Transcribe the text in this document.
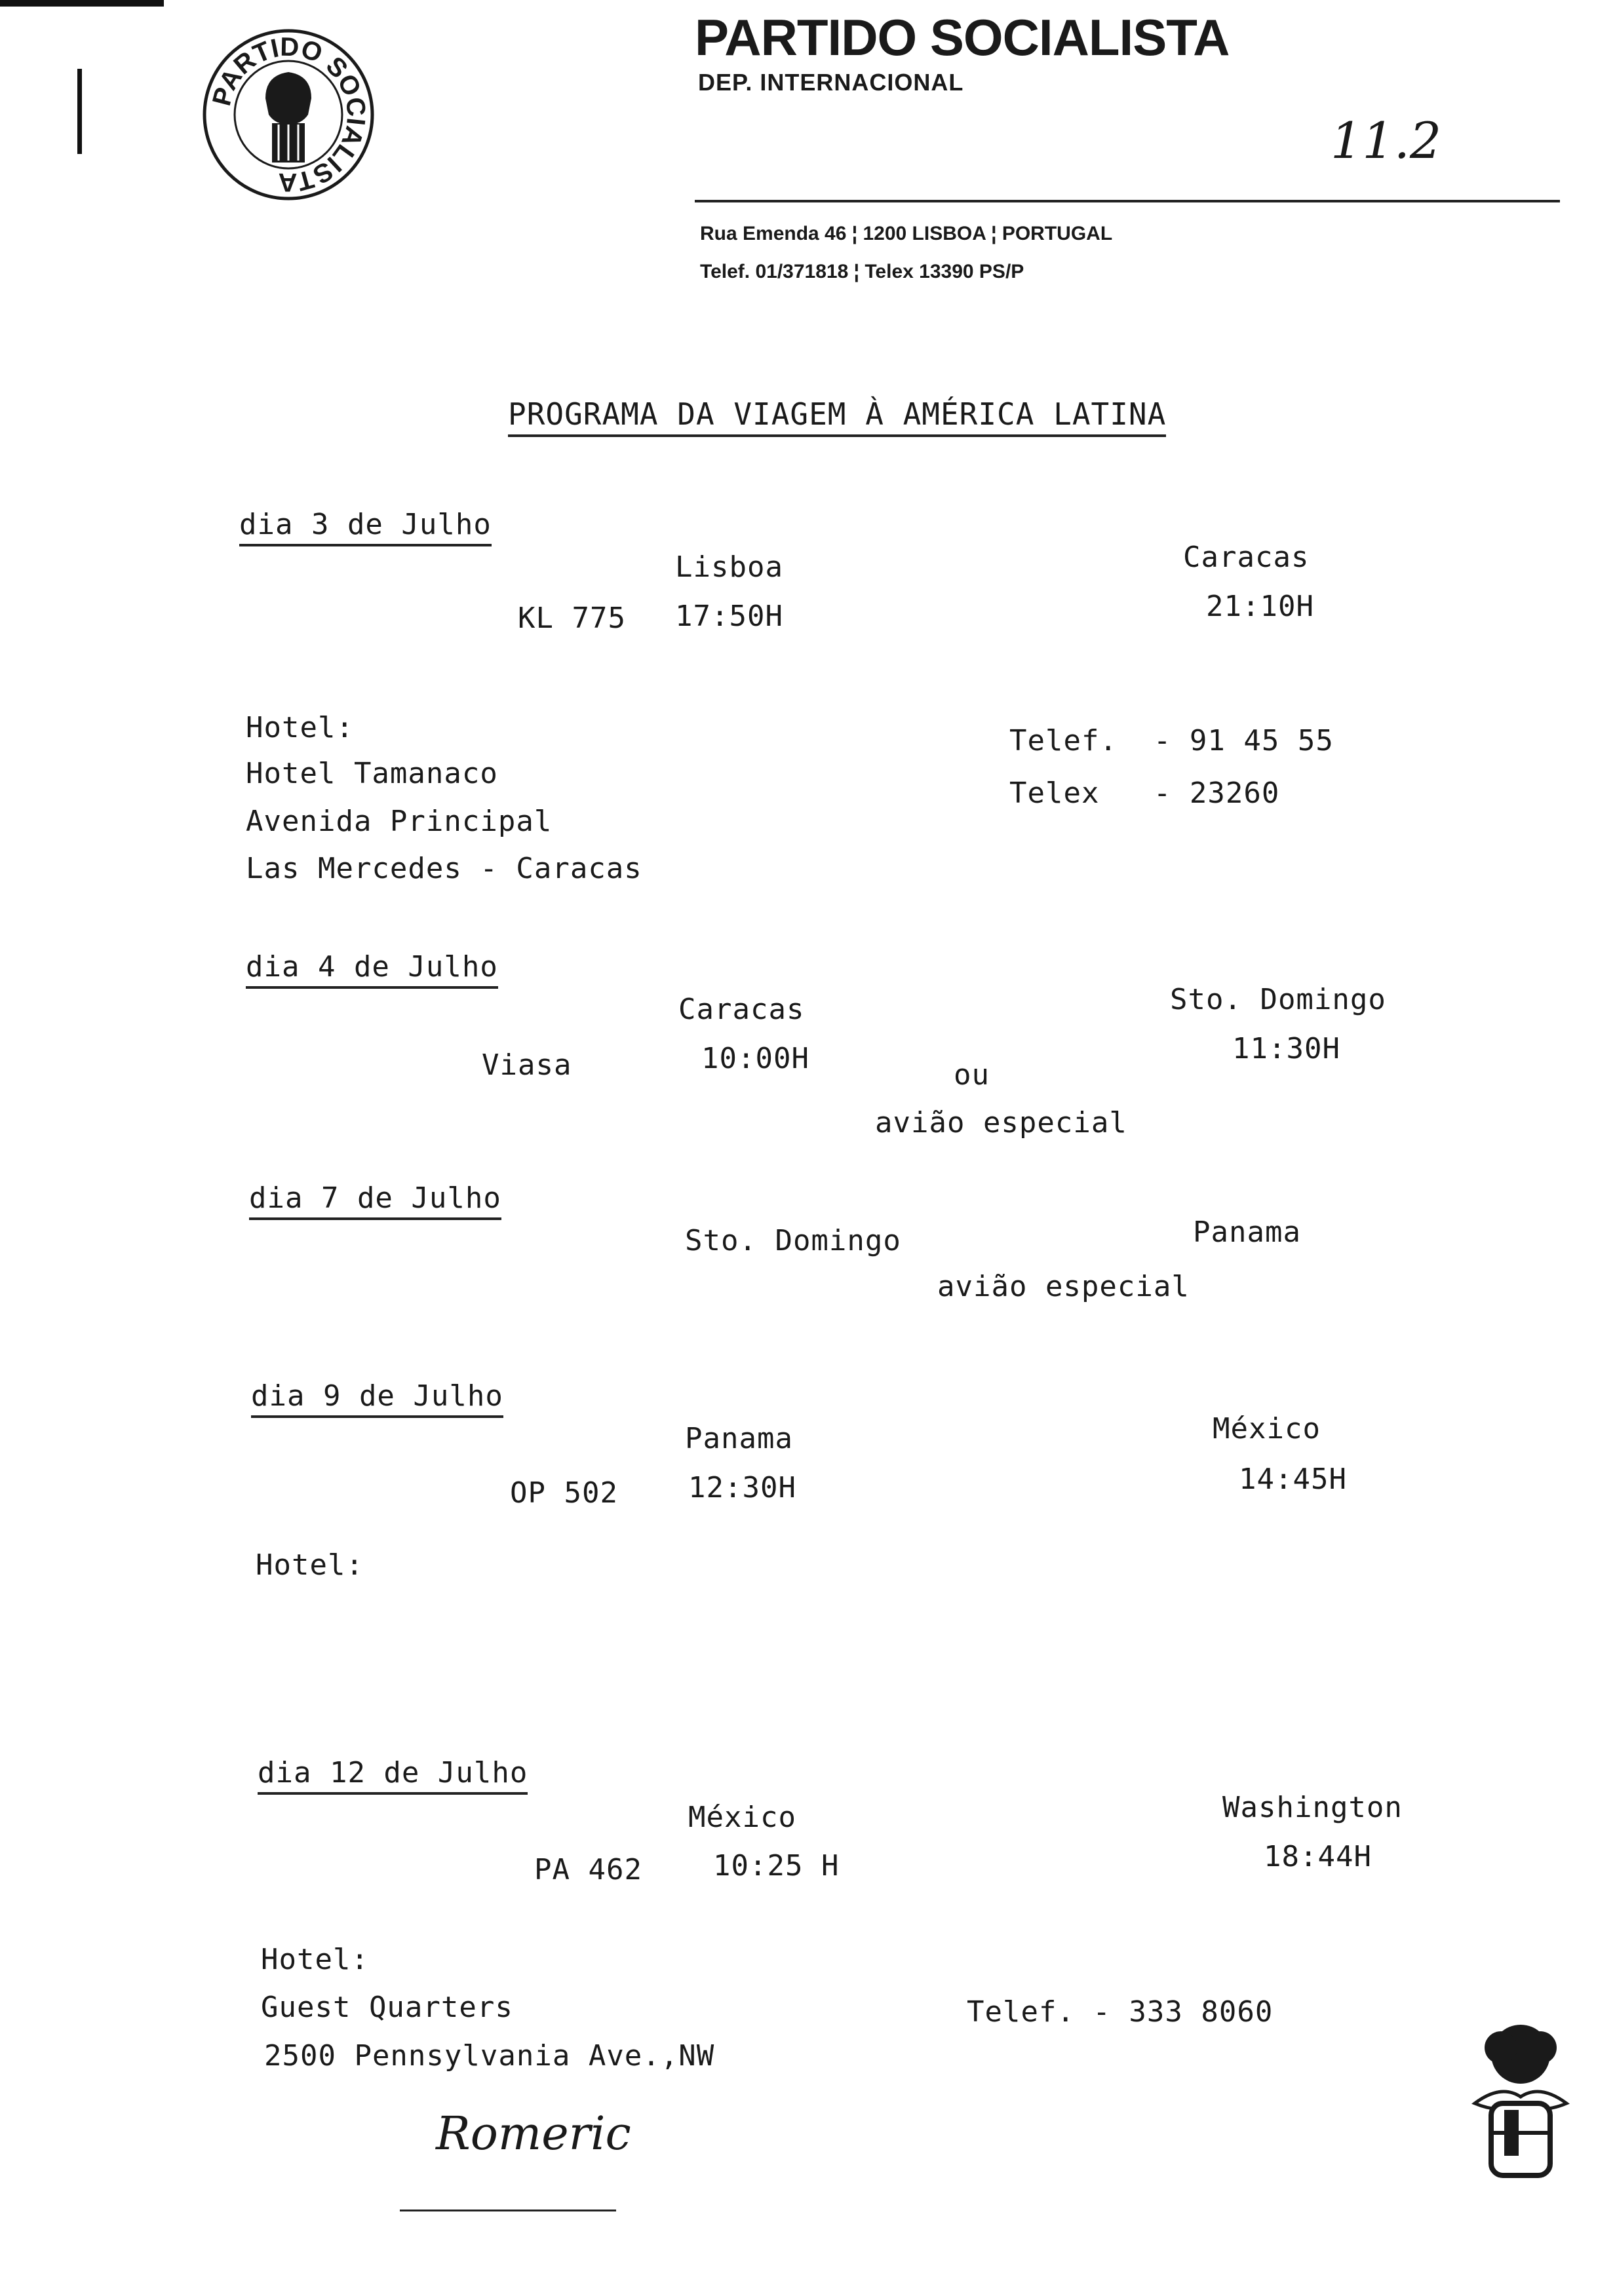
PARTIDO SOCIALISTA
PARTIDO SOCIALISTA
DEP. INTERNACIONAL
11.2
Rua Emenda 46 ¦ 1200 LISBOA ¦ PORTUGAL
Telef. 01/371818 ¦ Telex 13390 PS/P
PROGRAMA DA VIAGEM À AMÉRICA LATINA
dia 3 de Julho
Lisboa	Caracas
KL 775 17:50H	21:10H
Hotel:
Hotel Tamanaco
Avenida Principal
Las Mercedes - Caracas
Telef.  - 91 45 55
Telex   - 23260
dia 4 de Julho
Caracas	Sto. Domingo
Viasa	10:00H	11:30H
ou
avião especial
dia 7 de Julho
Sto. Domingo	Panama
avião especial
dia 9 de Julho
Panama	México
OP 502 12:30H	14:45H
Hotel:
dia 12 de Julho
México	Washington
PA 462 10:25 H	18:44H
Hotel:
Guest Quarters
2500 Pennsylvania Ave.,NW
Telef. - 333 8060
Romeric
